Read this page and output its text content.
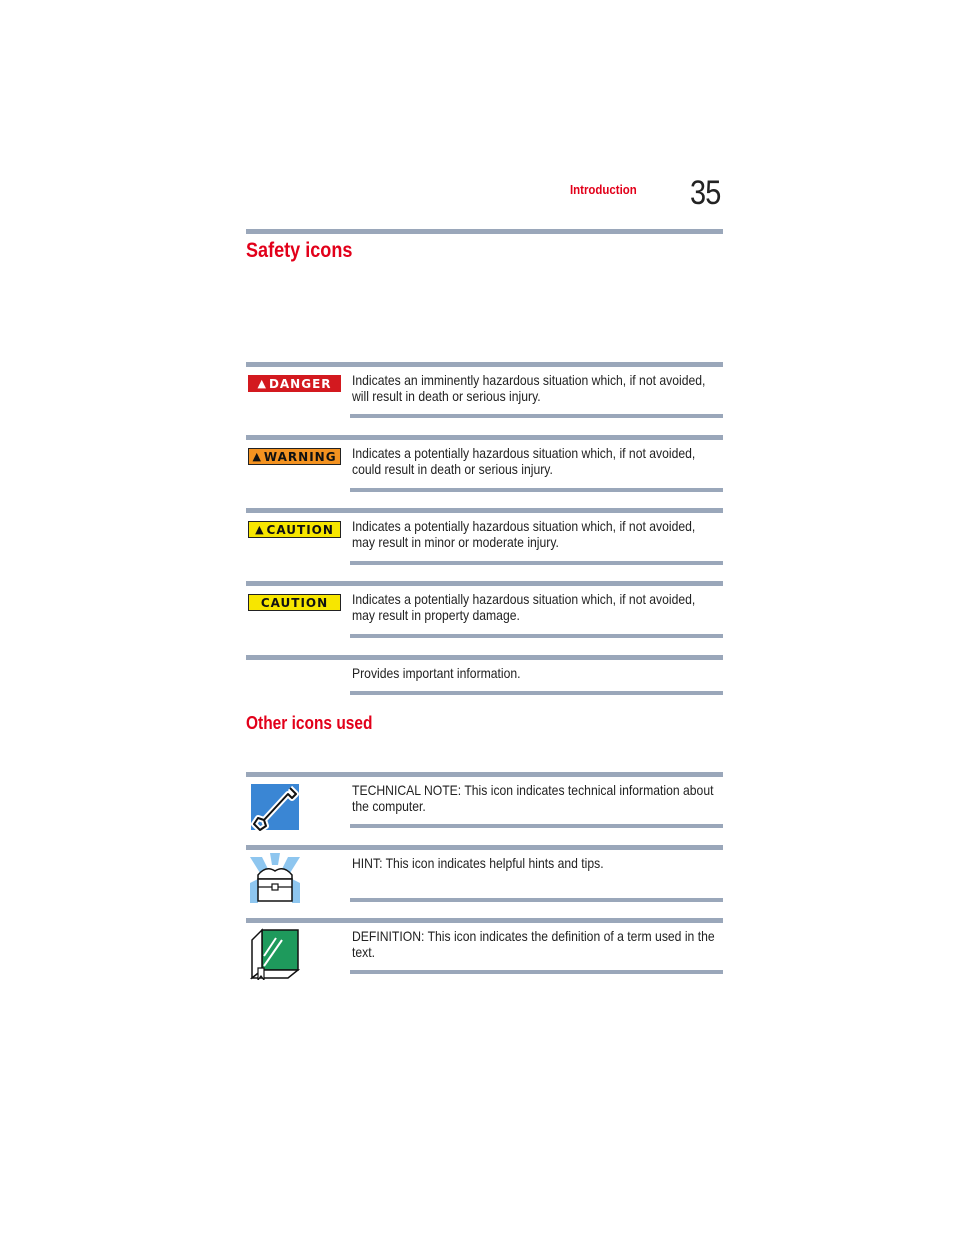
Introduction 35
Safety icons
▲ DANGER Indicates an imminently hazardous situation which, if not avoided, will result in death or serious injury.
▲ WARNING Indicates a potentially hazardous situation which, if not avoided, could result in death or serious injury.
▲ CAUTION Indicates a potentially hazardous situation which, if not avoided, may result in minor or moderate injury.
CAUTION Indicates a potentially hazardous situation which, if not avoided, may result in property damage.
Provides important information.
Other icons used
TECHNICAL NOTE: This icon indicates technical information about the computer.
HINT: This icon indicates helpful hints and tips.
DEFINITION: This icon indicates the definition of a term used in the text.
